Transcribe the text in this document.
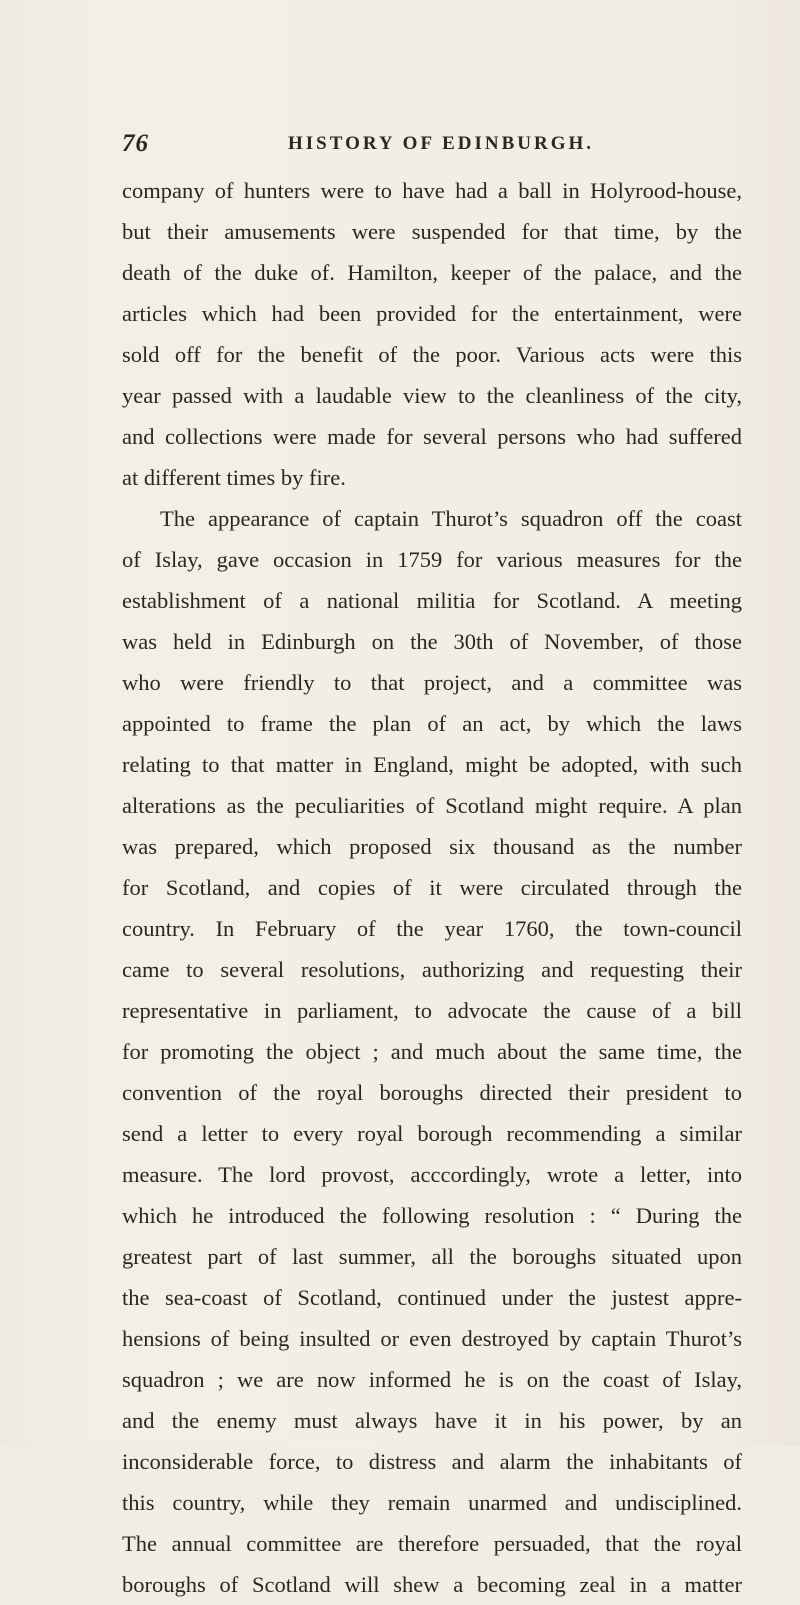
76	HISTORY OF EDINBURGH.
company of hunters were to have had a ball in Holyrood-house,
but their amusements were suspended for that time, by the
death of the duke of. Hamilton, keeper of the palace, and the
articles which had been provided for the entertainment, were
sold off for the benefit of the poor. Various acts were this
year passed with a laudable view to the cleanliness of the city,
and collections were made for several persons who had suffered
at different times by fire.
The appearance of captain Thurot’s squadron off the coast
of Islay, gave occasion in 1759 for various measures for the
establishment of a national militia for Scotland. A meeting
was held in Edinburgh on the 30th of November, of those
who were friendly to that project, and a committee was
appointed to frame the plan of an act, by which the laws
relating to that matter in England, might be adopted, with such
alterations as the peculiarities of Scotland might require. A plan
was prepared, which proposed six thousand as the number
for Scotland, and copies of it were circulated through the
country. In February of the year 1760, the town-council
came to several resolutions, authorizing and requesting their
representative in parliament, to advocate the cause of a bill
for promoting the object ; and much about the same time, the
convention of the royal boroughs directed their president to
send a letter to every royal borough recommending a similar
measure. The lord provost, acccordingly, wrote a letter, into
which he introduced the following resolution : “ During the
greatest part of last summer, all the boroughs situated upon
the sea-coast of Scotland, continued under the justest appre-
hensions of being insulted or even destroyed by captain Thurot’s
squadron ; we are now informed he is on the coast of Islay,
and the enemy must always have it in his power, by an
inconsiderable force, to distress and alarm the inhabitants of
this country, while they remain unarmed and undisciplined.
The annual committee are therefore persuaded, that the royal
boroughs of Scotland will shew a becoming zeal in a matter
